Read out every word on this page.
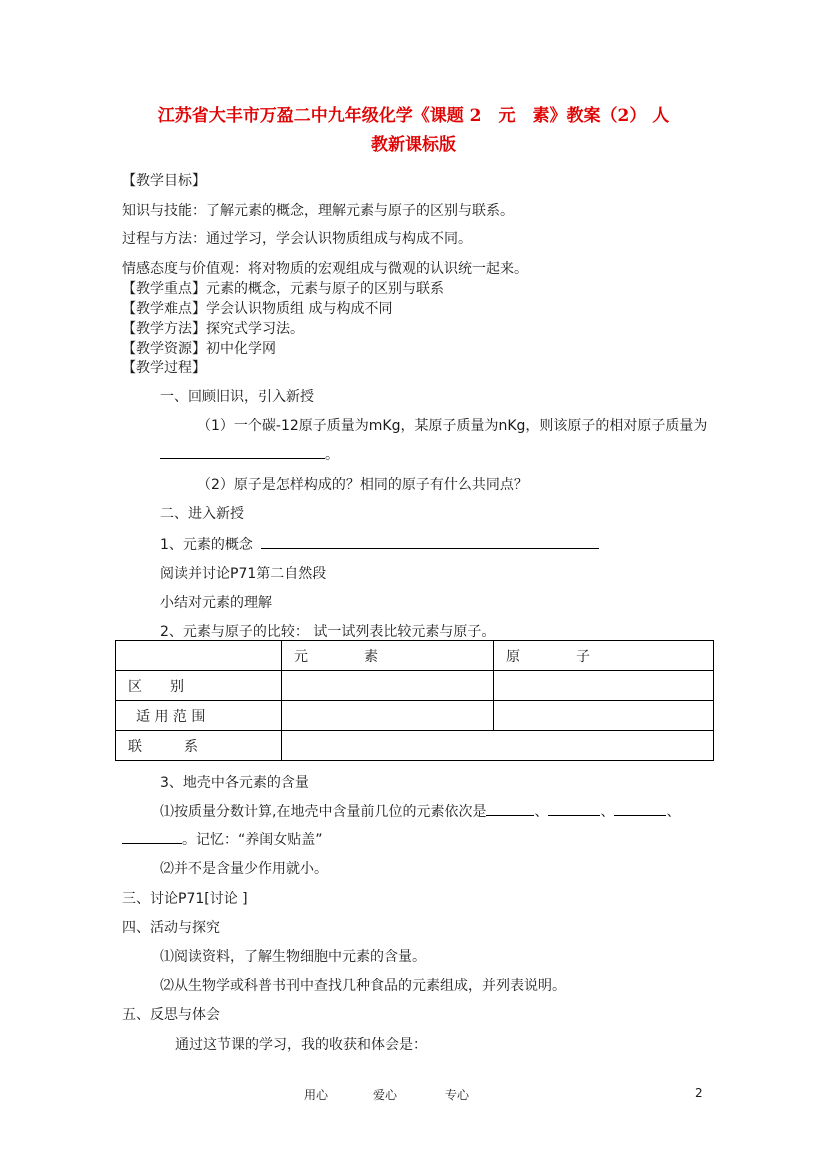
江苏省大丰市万盈二中九年级化学《课题 2　元　素》教案（2） 人
教新课标版
【教学目标】
知识与技能：了解元素的概念，理解元素与原子的区别与联系。
过程与方法：通过学习，学会认识物质组成与构成不同。
情感态度与价值观：将对物质的宏观组成与微观的认识统一起来。
【教学重点】元素的概念，元素与原子的区别与联系
【教学难点】学会认识物质组 成与构成不同
【教学方法】探究式学习法。
【教学资源】初中化学网
【教学过程】
一、回顾旧识，引入新授
（1）一个碳-12原子质量为mKg，某原子质量为nKg，则该原子的相对原子质量为
。
（2）原子是怎样构成的？相同的原子有什么共同点？
二、进入新授
1、元素的概念
阅读并讨论P71第二自然段
小结对元素的理解
2、元素与原子的比较： 试一试列表比较元素与原子。
	元　　　　素	原　　　　子
区　　别		
适 用 范 围		
联　　　系		
3、地壳中各元素的含量
⑴按质量分数计算,在地壳中含量前几位的元素依次是	、	、	、
。记忆：“养闺女贴盖”
⑵并不是含量少作用就小。
三、讨论P71[讨论 ]
四、活动与探究
⑴阅读资料，了解生物细胞中元素的含量。
⑵从生物学或科普书刊中查找几种食品的元素组成，并列表说明。
五、反思与体会
通过这节课的学习，我的收获和体会是：
用心	爱心	专心	2
